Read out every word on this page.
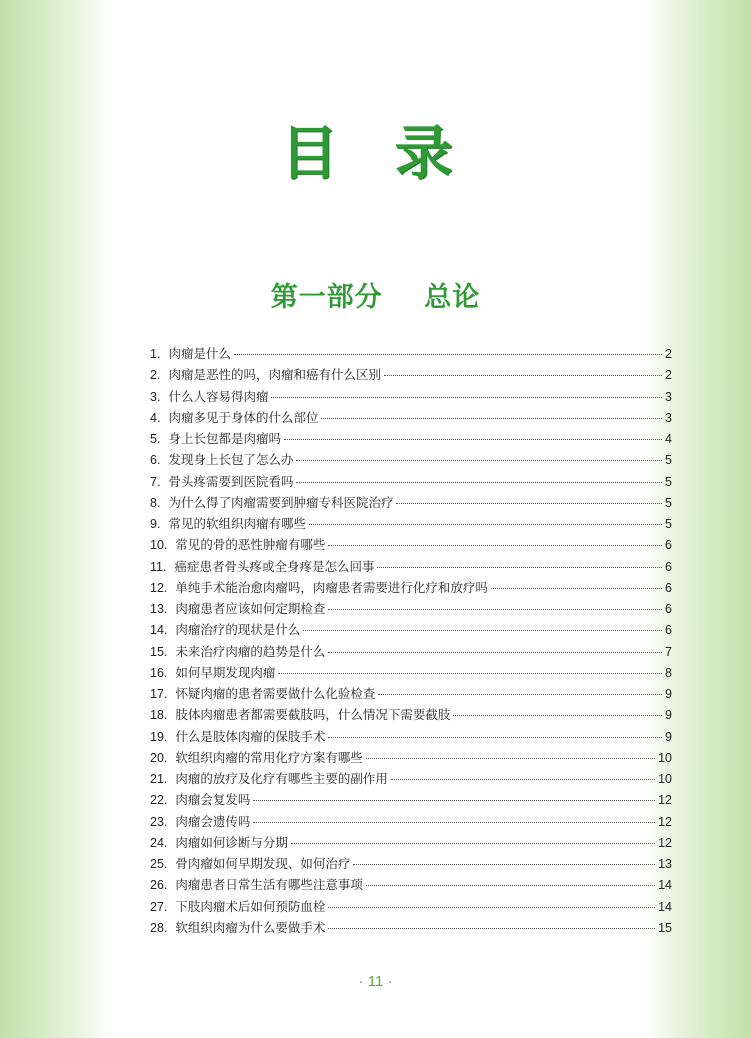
目 录
第一部分    总论
1. 肉瘤是什么	2
2. 肉瘤是恶性的吗，肉瘤和癌有什么区别	2
3. 什么人容易得肉瘤	3
4. 肉瘤多见于身体的什么部位	3
5. 身上长包都是肉瘤吗	4
6. 发现身上长包了怎么办	5
7. 骨头疼需要到医院看吗	5
8. 为什么得了肉瘤需要到肿瘤专科医院治疗	5
9. 常见的软组织肉瘤有哪些	5
10. 常见的骨的恶性肿瘤有哪些	6
11. 癌症患者骨头疼或全身疼是怎么回事	6
12. 单纯手术能治愈肉瘤吗，肉瘤患者需要进行化疗和放疗吗	6
13. 肉瘤患者应该如何定期检查	6
14. 肉瘤治疗的现状是什么	6
15. 未来治疗肉瘤的趋势是什么	7
16. 如何早期发现肉瘤	8
17. 怀疑肉瘤的患者需要做什么化验检查	9
18. 肢体肉瘤患者都需要截肢吗，什么情况下需要截肢	9
19. 什么是肢体肉瘤的保肢手术	9
20. 软组织肉瘤的常用化疗方案有哪些	10
21. 肉瘤的放疗及化疗有哪些主要的副作用	10
22. 肉瘤会复发吗	12
23. 肉瘤会遗传吗	12
24. 肉瘤如何诊断与分期	12
25. 骨肉瘤如何早期发现、如何治疗	13
26. 肉瘤患者日常生活有哪些注意事项	14
27. 下肢肉瘤术后如何预防血栓	14
28. 软组织肉瘤为什么要做手术	15
· 11 ·
